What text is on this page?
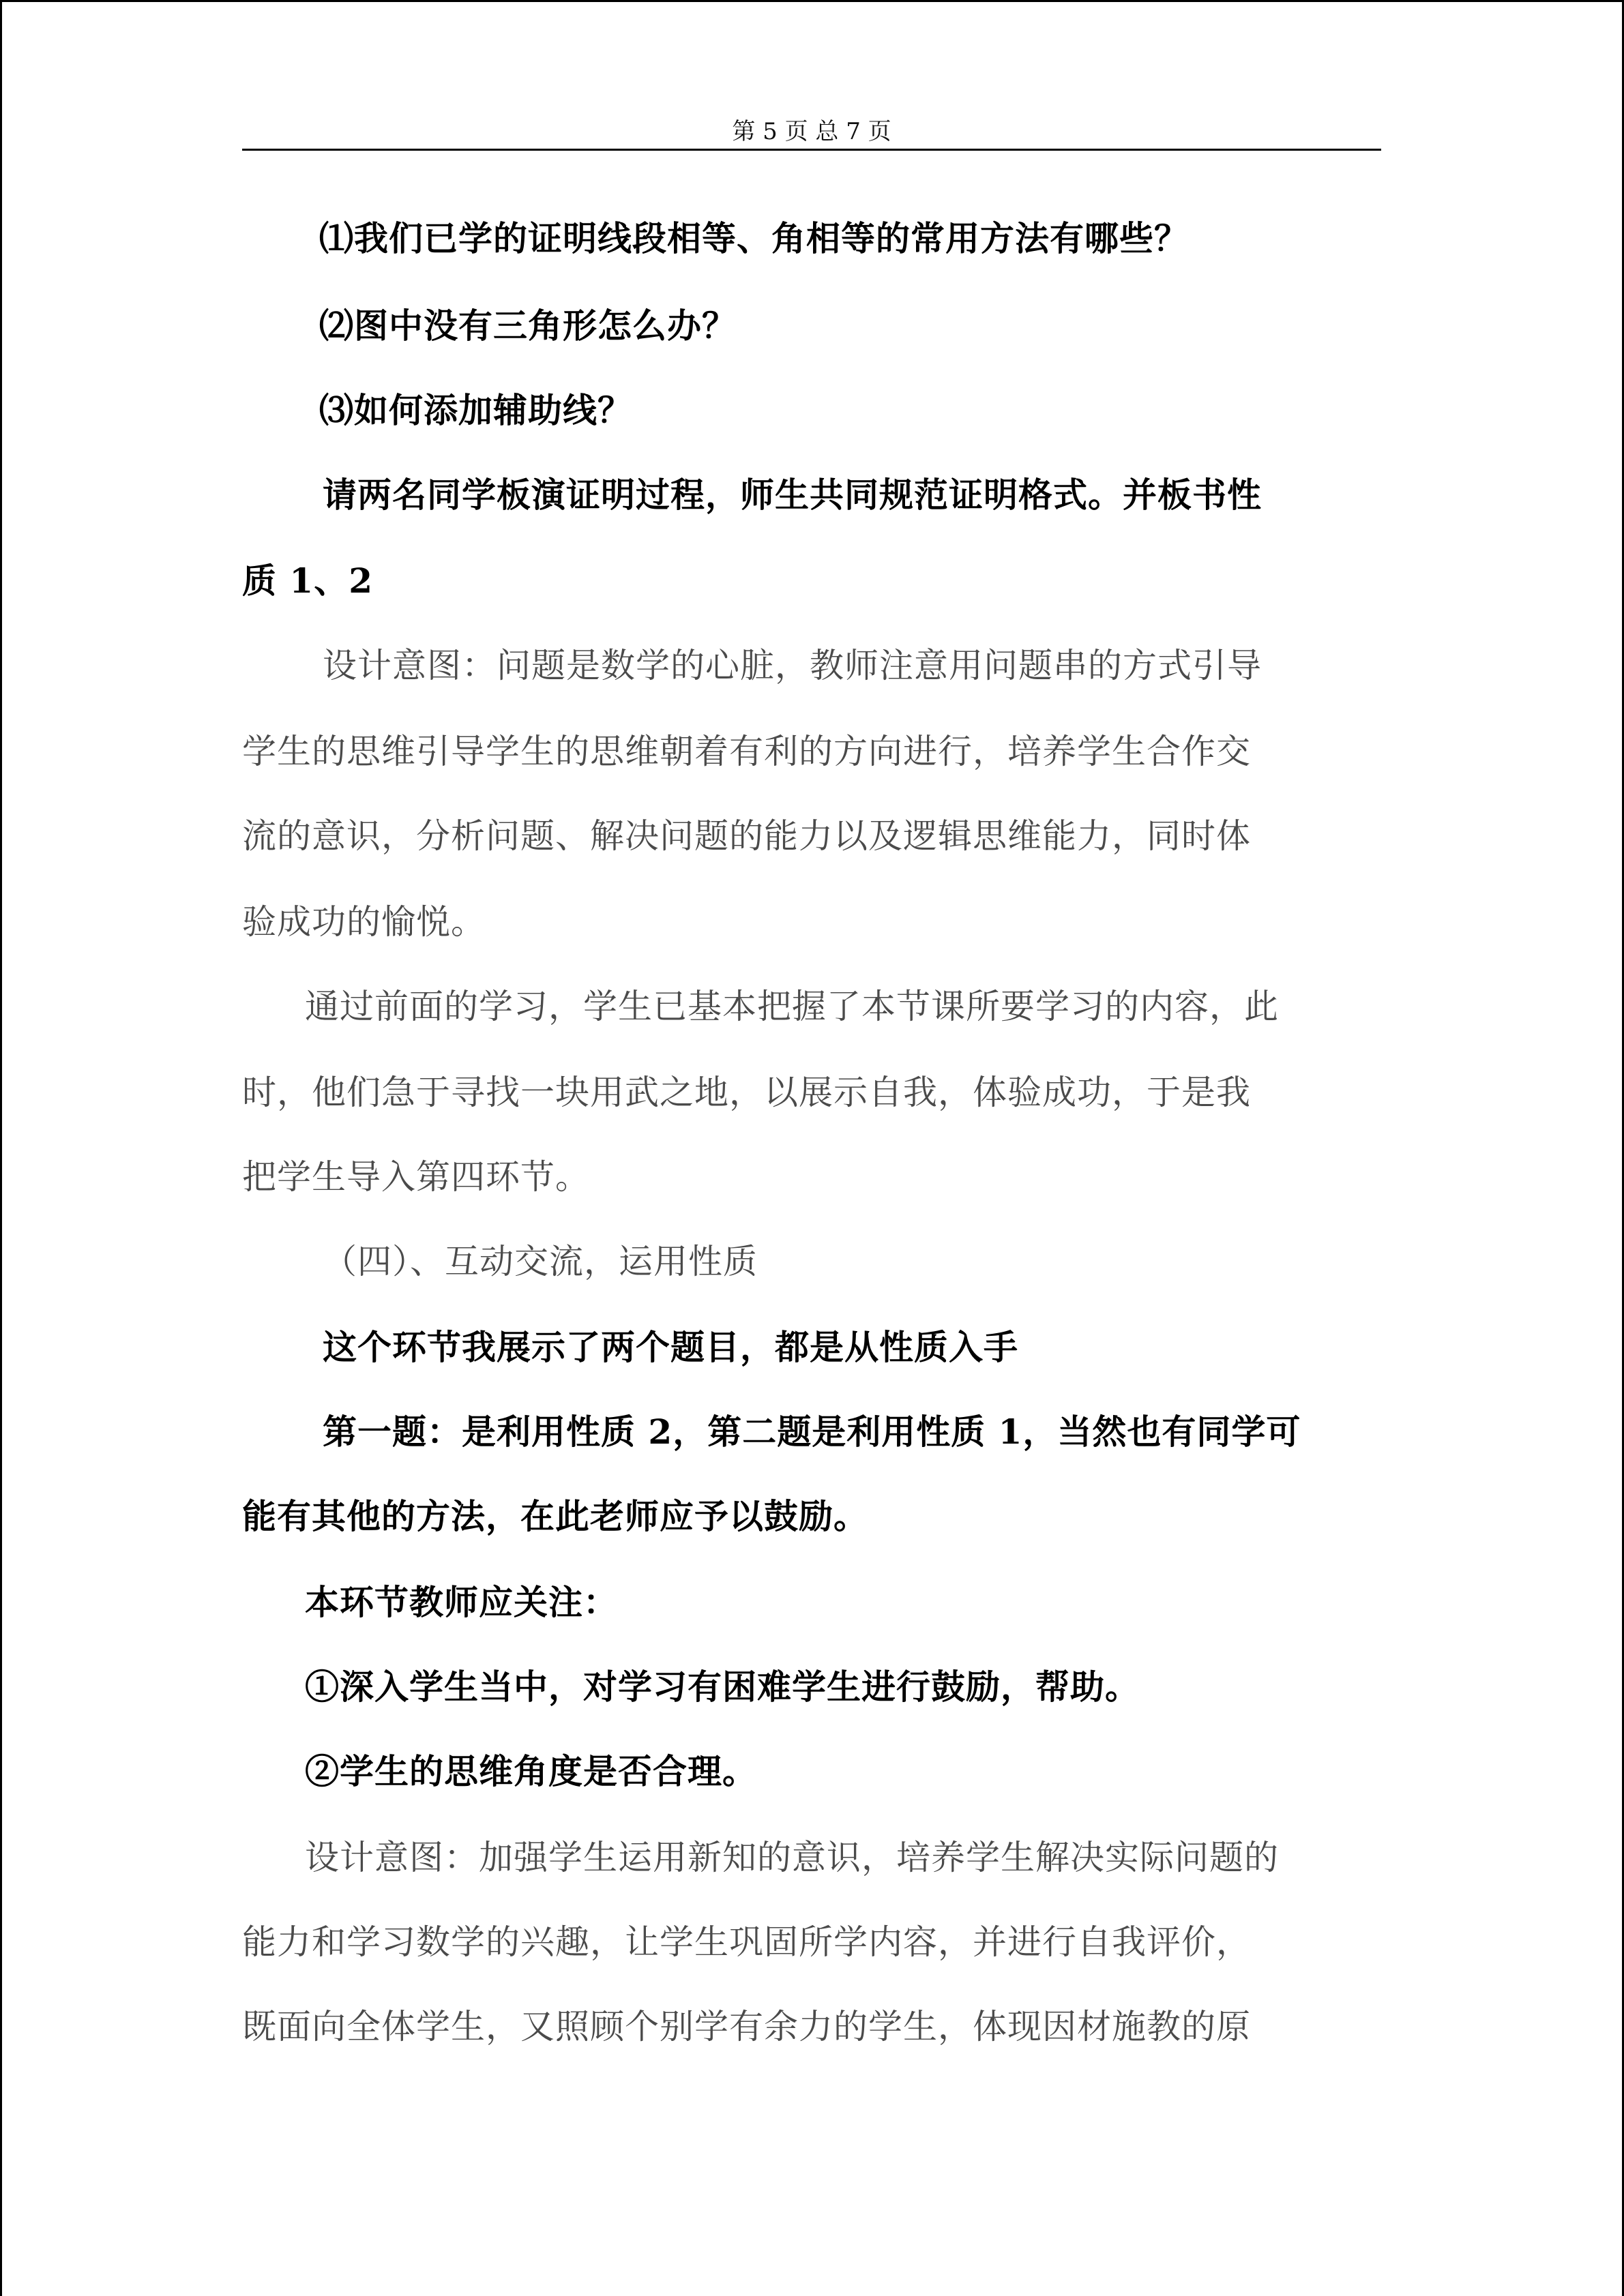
第 5 页 总 7 页
⑴我们已学的证明线段相等、角相等的常用方法有哪些？
⑵图中没有三角形怎么办？
⑶如何添加辅助线？
请两名同学板演证明过程，师生共同规范证明格式。并板书性
质 1、2
设计意图：问题是数学的心脏，教师注意用问题串的方式引导
学生的思维引导学生的思维朝着有利的方向进行，培养学生合作交
流的意识，分析问题、解决问题的能力以及逻辑思维能力，同时体
验成功的愉悦。
通过前面的学习，学生已基本把握了本节课所要学习的内容，此
时，他们急于寻找一块用武之地，以展示自我，体验成功，于是我
把学生导入第四环节。
（四）、互动交流，运用性质
这个环节我展示了两个题目，都是从性质入手
第一题：是利用性质 2，第二题是利用性质 1，当然也有同学可
能有其他的方法，在此老师应予以鼓励。
本环节教师应关注：
①深入学生当中，对学习有困难学生进行鼓励，帮助。
②学生的思维角度是否合理。
设计意图：加强学生运用新知的意识，培养学生解决实际问题的
能力和学习数学的兴趣，让学生巩固所学内容，并进行自我评价，
既面向全体学生，又照顾个别学有余力的学生，体现因材施教的原
